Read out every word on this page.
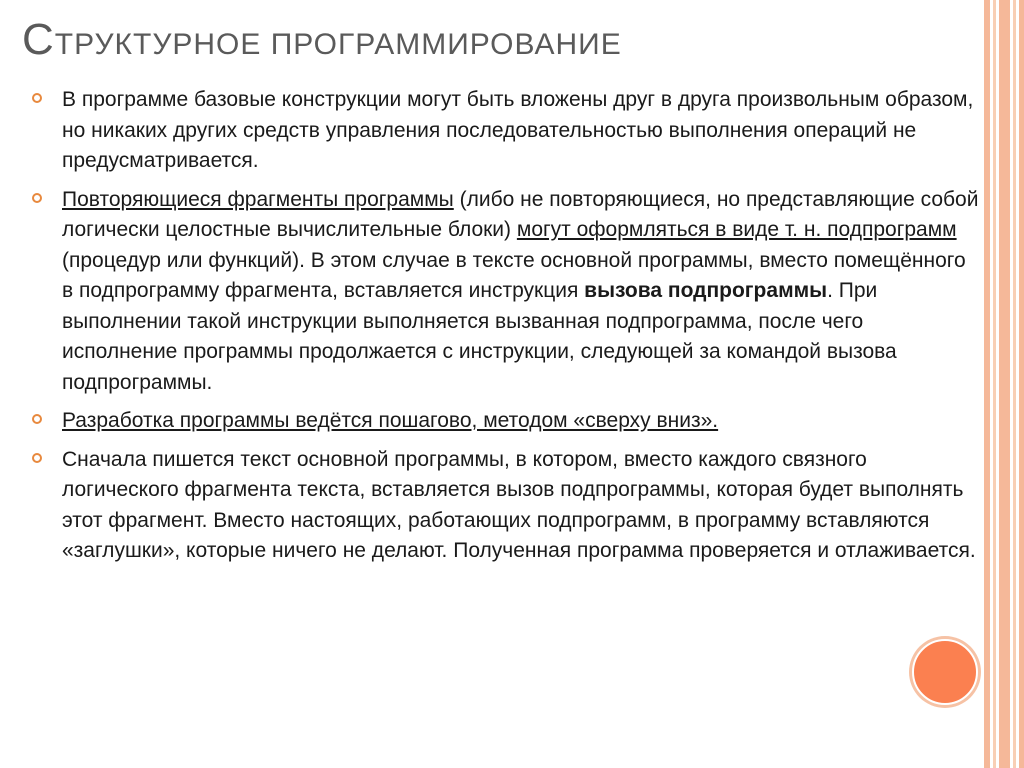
СТРУКТУРНОЕ ПРОГРАММИРОВАНИЕ
В программе базовые конструкции могут быть вложены друг в друга произвольным образом, но никаких других средств управления последовательностью выполнения операций не предусматривается.
Повторяющиеся фрагменты программы (либо не повторяющиеся, но представляющие собой логически целостные вычислительные блоки) могут оформляться в виде т. н. подпрограмм (процедур или функций). В этом случае в тексте основной программы, вместо помещённого в подпрограмму фрагмента, вставляется инструкция вызова подпрограммы. При выполнении такой инструкции выполняется вызванная подпрограмма, после чего исполнение программы продолжается с инструкции, следующей за командой вызова подпрограммы.
Разработка программы ведётся пошагово, методом «сверху вниз».
Сначала пишется текст основной программы, в котором, вместо каждого связного логического фрагмента текста, вставляется вызов подпрограммы, которая будет выполнять этот фрагмент. Вместо настоящих, работающих подпрограмм, в программу вставляются «заглушки», которые ничего не делают. Полученная программа проверяется и отлаживается.
